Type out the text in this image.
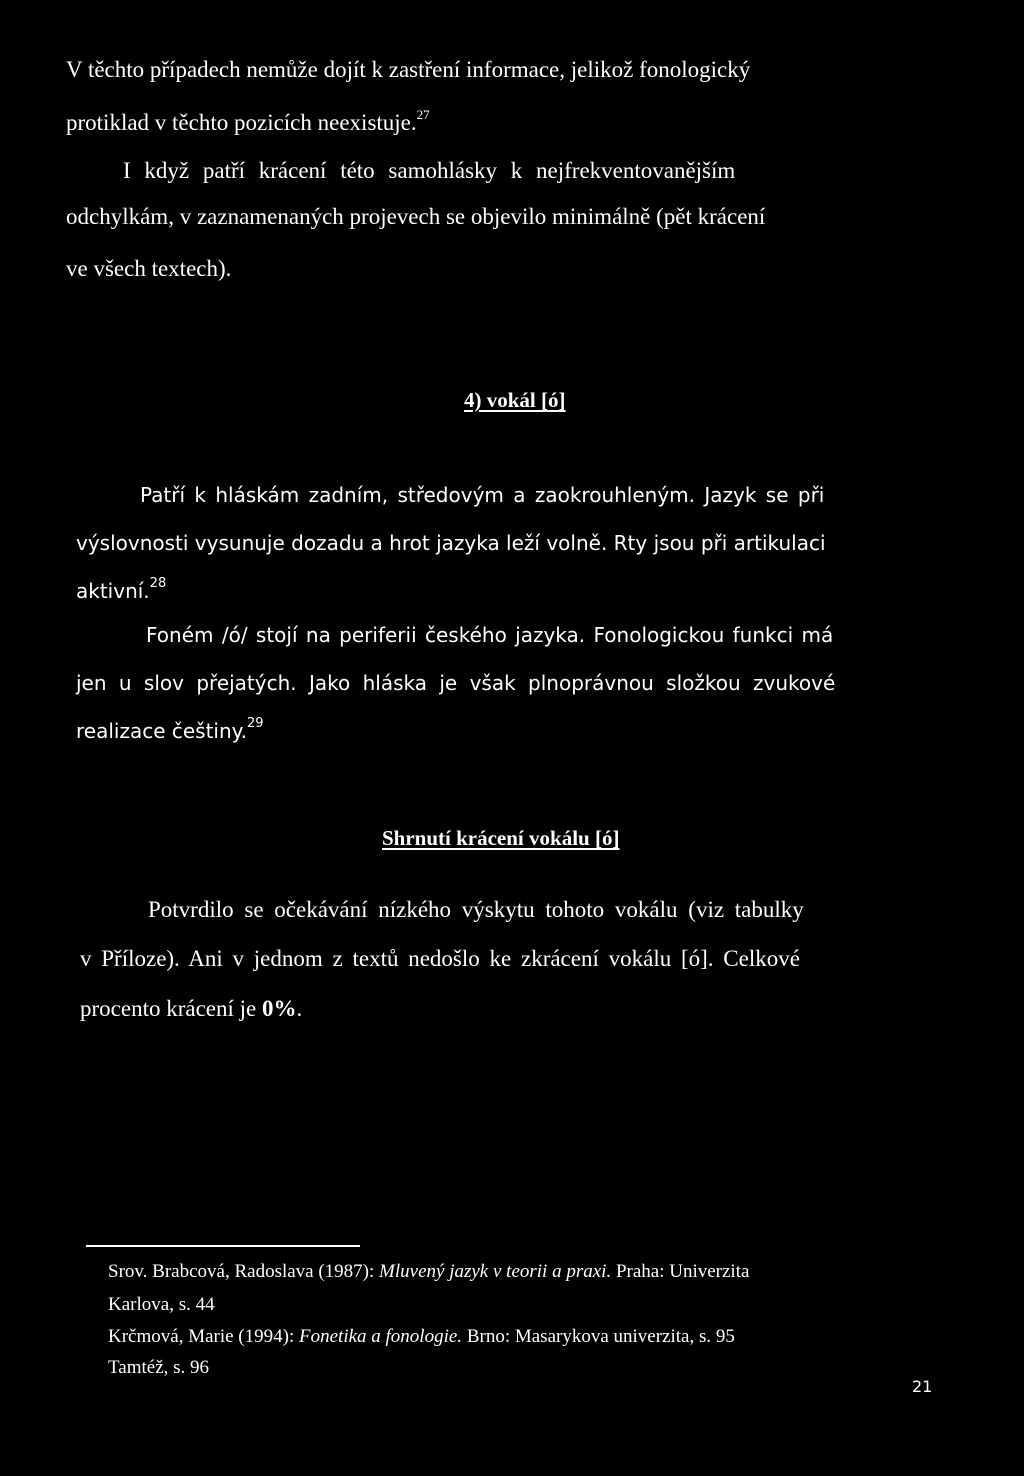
V těchto případech nemůže dojít k zastření informace, jelikož fonologický
protiklad v těchto pozicích neexistuje.$^{27}$
I když patří krácení této samohlásky k nejfrekventovanějším
odchylkám, v zaznamenaných projevech se objevilo minimálně (pět krácení
ve všech textech).
4) vokál [ó]
Patří k hláskám zadním, středovým a zaokrouhleným. Jazyk se při
výslovnosti vysunuje dozadu a hrot jazyka leží volně. Rty jsou při artikulaci
aktivní.$^{28}$
Foném /ó/ stojí na periferii českého jazyka. Fonologickou funkci má
jen u slov přejatých. Jako hláska je však plnoprávnou složkou zvukové
realizace češtiny.$^{29}$
Shrnutí krácení vokálu [ó]
Potvrdilo se očekávání nízkého výskytu tohoto vokálu (viz tabulky
v Příloze). Ani v jednom z textů nedošlo ke zkrácení vokálu [ó]. Celkové
procento krácení je 0%.
Srov. Brabcová, Radoslava (1987): Mluvený jazyk v teorii a praxi. Praha: Univerzita
Karlova, s. 44
Krčmová, Marie (1994): Fonetika a fonologie. Brno: Masarykova univerzita, s. 95
Tamtéž, s. 96
21
